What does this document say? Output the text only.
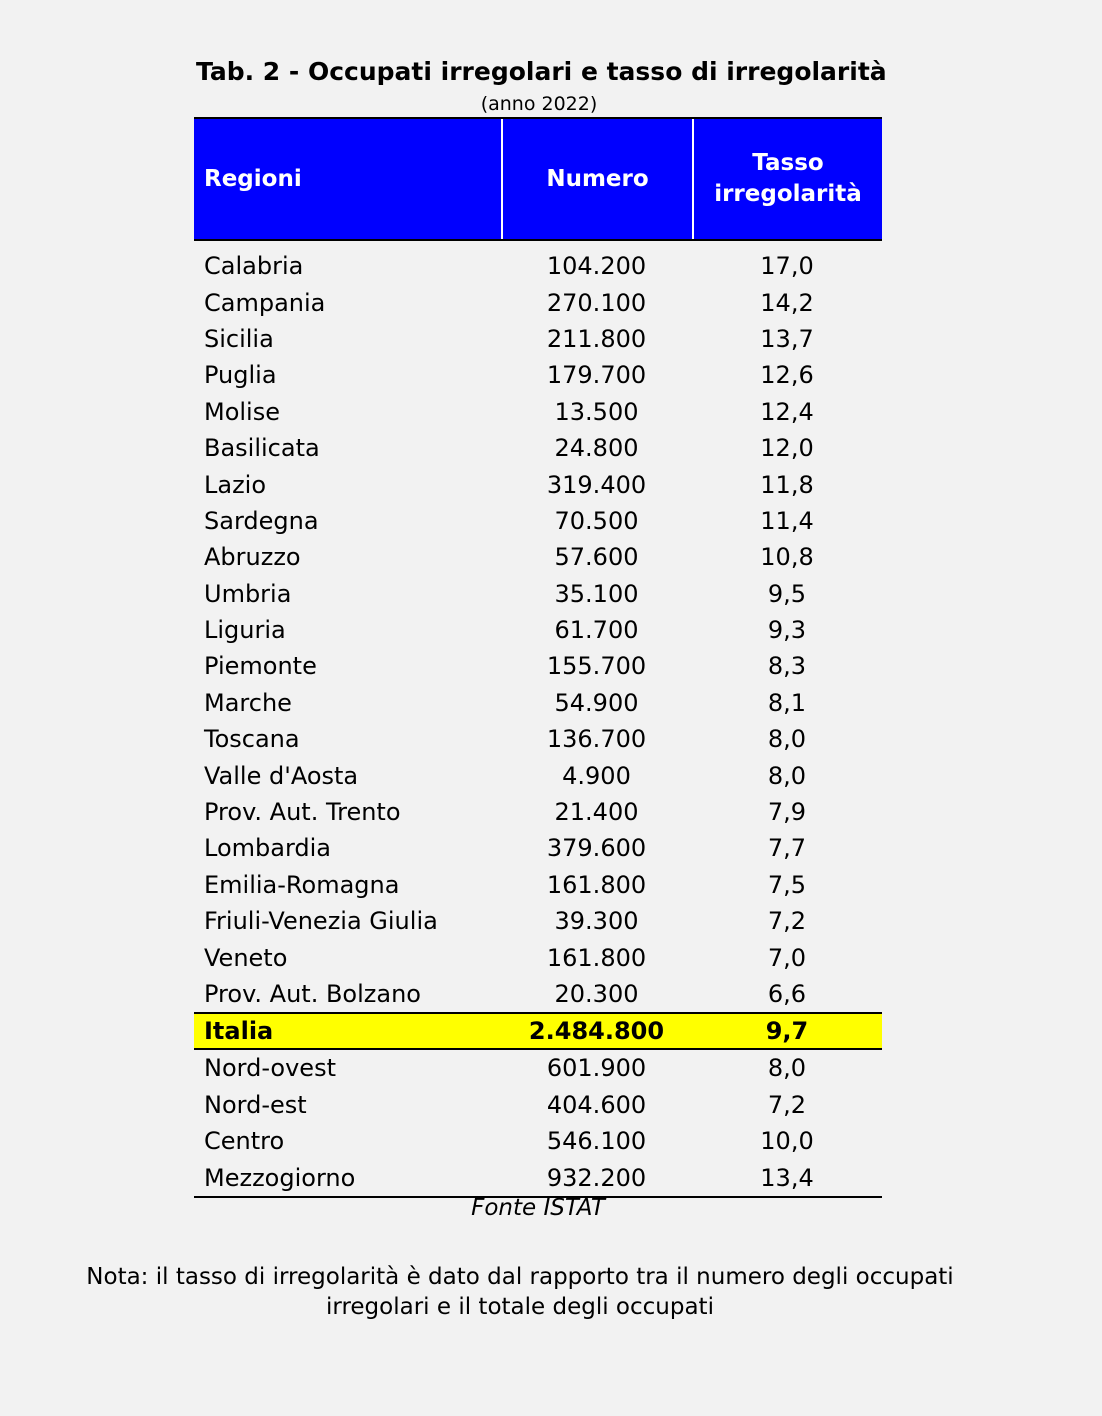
Tab. 2 - Occupati irregolari e tasso di irregolarità
(anno 2022)
Regioni	Numero
Tasso
irregolarità
Calabria	104.200	17,0
Campania	270.100	14,2
Sicilia	211.800	13,7
Puglia	179.700	12,6
Molise	13.500	12,4
Basilicata	24.800	12,0
Lazio	319.400	11,8
Sardegna	70.500	11,4
Abruzzo	57.600	10,8
Umbria	35.100	9,5
Liguria	61.700	9,3
Piemonte	155.700	8,3
Marche	54.900	8,1
Toscana	136.700	8,0
Valle d'Aosta	4.900	8,0
Prov. Aut. Trento	21.400	7,9
Lombardia	379.600	7,7
Emilia-Romagna	161.800	7,5
Friuli-Venezia Giulia	39.300	7,2
Veneto	161.800	7,0
Prov. Aut. Bolzano	20.300	6,6
Italia	2.484.800	9,7
Nord-ovest	601.900	8,0
Nord-est	404.600	7,2
Centro	546.100	10,0
Mezzogiorno	932.200	13,4
Fonte ISTAT
Nota: il tasso di irregolarità è dato dal rapporto tra il numero degli occupati
irregolari e il totale degli occupati
